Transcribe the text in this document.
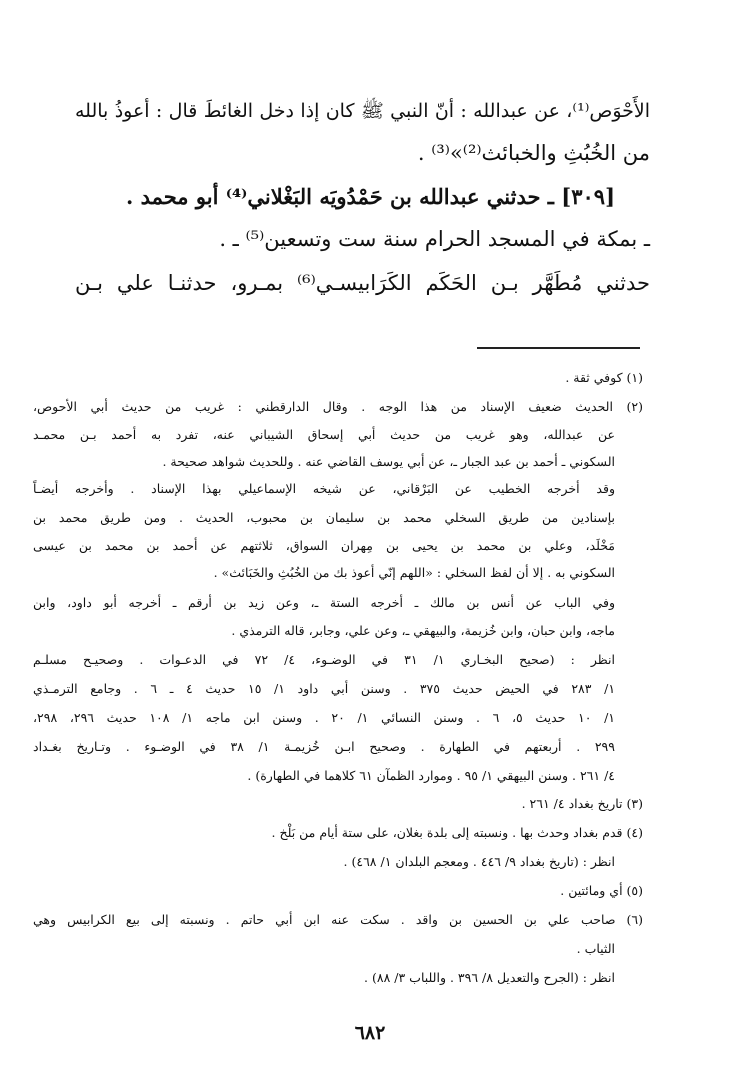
الأَحْوَص⁽¹⁾، عن عبدالله : أنّ النبي ﷺ كان إذا دخل الغائطَ قال : أعوذُ بالله
من الخُبُثِ والخبائث⁽²⁾»⁽³⁾ .
[٣٠٩] ـ حدثني عبدالله بن حَمْدُويَه البَغْلاني⁽⁴⁾ أبو محمد .
ـ بمكة في المسجد الحرام سنة ست وتسعين⁽⁵⁾ ـ .
حدثني مُطَهَّر بـن الحَكَم الكَرَابيسـي⁽⁶⁾ بمـرو، حدثنـا علي بـن
(١) كوفي ثقة .
(٢) الحديث ضعيف الإسناد من هذا الوجه . وقال الدارقطني : غريب من حديث أبي الأحوص،
عن عبدالله، وهو غريب من حديث أبي إسحاق الشيباني عنه، تفرد به أحمد بـن محمـد
السكوني ـ أحمد بن عبد الجبار ـ، عن أبي يوسف القاضي عنه . وللحديث شواهد صحيحة .
وقد أخرجه الخطيب عن البَرْقاني، عن شيخه الإسماعيلي بهذا الإسناد . وأخرجه أيضـاً
بإسنادين من طريق السخلي محمد بن سليمان بن محبوب، الحديث . ومن طريق محمد بن
مَخْلَد، وعلي بن محمد بن يحيى بن مِهران السواق، ثلاثتهم عن أحمد بن محمد بن عيسى
السكوني به . إلا أن لفظ السخلي : «اللهم إنّي أعوذ بك من الخُبُثِ والخَبَائث» .
وفي الباب عن أنس بن مالك ـ أخرجه الستة ـ، وعن زيد بن أرقم ـ أخرجه أبو داود، وابن
ماجه، وابن حبان، وابن خُزيمة، والبيهقي ـ، وعن علي، وجابر، قاله الترمذي .
انظر : (صحيح البخـاري ١/ ٣١ في الوضـوء، ٤/ ٧٢ في الدعـوات . وصحيـح مسلـم
١/ ٢٨٣ في الحيض حديث ٣٧٥ . وسنن أبي داود ١/ ١٥ حديث ٤ ـ ٦ . وجامع الترمـذي
١/ ١٠ حديث ٥، ٦ . وسنن النسائي ١/ ٢٠ . وسنن ابن ماجه ١/ ١٠٨ حديث ٢٩٦، ٢٩٨،
٢٩٩ . أربعتهم في الطهارة . وصحيح ابـن خُزيمـة ١/ ٣٨ في الوضـوء . وتـاريخ بغـداد
٤/ ٢٦١ . وسنن البيهقي ١/ ٩٥ . وموارد الظمآن ٦١ كلاهما في الطهارة) .
(٣) تاريخ بغداد ٤/ ٢٦١ .
(٤) قدم بغداد وحدث بها . ونسبته إلى بلدة بغلان، على ستة أيام من بَلْخ .
انظر : (تاريخ بغداد ٩/ ٤٤٦ . ومعجم البلدان ١/ ٤٦٨) .
(٥) أي ومائتين .
(٦) صاحب علي بن الحسين بن واقد . سكت عنه ابن أبي حاتم . ونسبته إلى بيع الكرابيس وهي
الثياب .
انظر : (الجرح والتعديل ٨/ ٣٩٦ . واللباب ٣/ ٨٨) .
٦٨٢
